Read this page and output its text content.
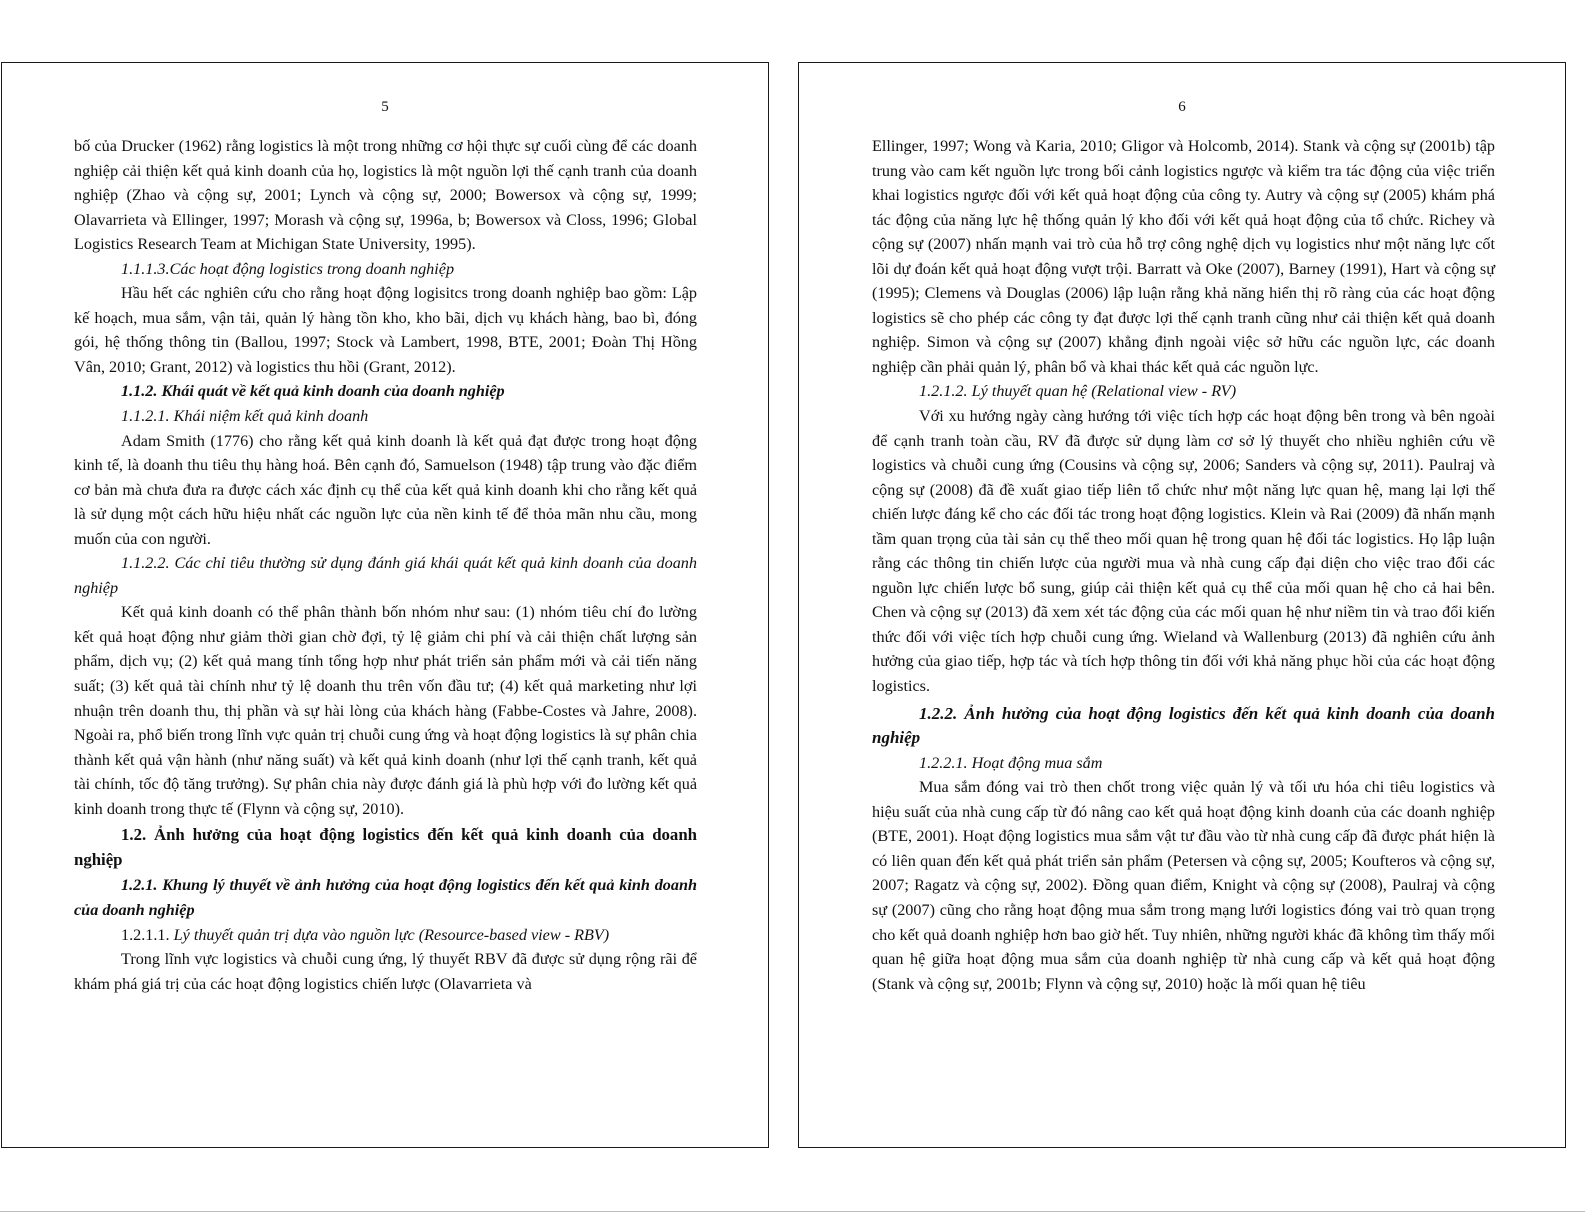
5

bố của Drucker (1962) rằng logistics là một trong những cơ hội thực sự cuối cùng để các doanh nghiệp cải thiện kết quả kinh doanh của họ, logistics là một nguồn lợi thế cạnh tranh của doanh nghiệp (Zhao và cộng sự, 2001; Lynch và cộng sự, 2000; Bowersox và cộng sự, 1999; Olavarrieta và Ellinger, 1997; Morash và cộng sự, 1996a, b; Bowersox và Closs, 1996; Global Logistics Research Team at Michigan State University, 1995).

1.1.1.3.Các hoạt động logistics trong doanh nghiệp

Hầu hết các nghiên cứu cho rằng hoạt động logisitcs trong doanh nghiệp bao gồm: Lập kế hoạch, mua sắm, vận tải, quản lý hàng tồn kho, kho bãi, dịch vụ khách hàng, bao bì, đóng gói, hệ thống thông tin (Ballou, 1997; Stock và Lambert, 1998, BTE, 2001; Đoàn Thị Hồng Vân, 2010; Grant, 2012) và logistics thu hồi (Grant, 2012).

1.1.2. Khái quát về kết quả kinh doanh của doanh nghiệp

1.1.2.1. Khái niệm kết quả kinh doanh

Adam Smith (1776) cho rằng kết quả kinh doanh là kết quả đạt được trong hoạt động kinh tế, là doanh thu tiêu thụ hàng hoá. Bên cạnh đó, Samuelson (1948) tập trung vào đặc điểm cơ bản mà chưa đưa ra được cách xác định cụ thể của kết quả kinh doanh khi cho rằng kết quả là sử dụng một cách hữu hiệu nhất các nguồn lực của nền kinh tế để thỏa mãn nhu cầu, mong muốn của con người.

1.1.2.2. Các chỉ tiêu thường sử dụng đánh giá khái quát kết quả kinh doanh của doanh nghiệp

Kết quả kinh doanh có thể phân thành bốn nhóm như sau: (1) nhóm tiêu chí đo lường kết quả hoạt động như giảm thời gian chờ đợi, tỷ lệ giảm chi phí và cải thiện chất lượng sản phẩm, dịch vụ; (2) kết quả mang tính tổng hợp như phát triển sản phẩm mới và cải tiến năng suất; (3) kết quả tài chính như tỷ lệ doanh thu trên vốn đầu tư; (4) kết quả marketing như lợi nhuận trên doanh thu, thị phần và sự hài lòng của khách hàng (Fabbe-Costes và Jahre, 2008). Ngoài ra, phổ biến trong lĩnh vực quản trị chuỗi cung ứng và hoạt động logistics là sự phân chia thành kết quả vận hành (như năng suất) và kết quả kinh doanh (như lợi thế cạnh tranh, kết quả tài chính, tốc độ tăng trưởng). Sự phân chia này được đánh giá là phù hợp với đo lường kết quả kinh doanh trong thực tế (Flynn và cộng sự, 2010).

1.2. Ảnh hưởng của hoạt động logistics đến kết quả kinh doanh của doanh nghiệp

1.2.1. Khung lý thuyết về ảnh hưởng của hoạt động logistics đến kết quả kinh doanh của doanh nghiệp

1.2.1.1. Lý thuyết quản trị dựa vào nguồn lực (Resource-based view - RBV)

Trong lĩnh vực logistics và chuỗi cung ứng, lý thuyết RBV đã được sử dụng rộng rãi để khám phá giá trị của các hoạt động logistics chiến lược (Olavarrieta và

6

Ellinger, 1997; Wong và Karia, 2010; Gligor và Holcomb, 2014). Stank và cộng sự (2001b) tập trung vào cam kết nguồn lực trong bối cảnh logistics ngược và kiểm tra tác động của việc triển khai logistics ngược đối với kết quả hoạt động của công ty. Autry và cộng sự (2005) khám phá tác động của năng lực hệ thống quản lý kho đối với kết quả hoạt động của tổ chức. Richey và cộng sự (2007) nhấn mạnh vai trò của hỗ trợ công nghệ dịch vụ logistics như một năng lực cốt lõi dự đoán kết quả hoạt động vượt trội. Barratt và Oke (2007), Barney (1991), Hart và cộng sự (1995); Clemens và Douglas (2006) lập luận rằng khả năng hiển thị rõ ràng của các hoạt động logistics sẽ cho phép các công ty đạt được lợi thế cạnh tranh cũng như cải thiện kết quả doanh nghiệp. Simon và cộng sự (2007) khẳng định ngoài việc sở hữu các nguồn lực, các doanh nghiệp cần phải quản lý, phân bổ và khai thác kết quả các nguồn lực.

1.2.1.2. Lý thuyết quan hệ (Relational view - RV)

Với xu hướng ngày càng hướng tới việc tích hợp các hoạt động bên trong và bên ngoài để cạnh tranh toàn cầu, RV đã được sử dụng làm cơ sở lý thuyết cho nhiều nghiên cứu về logistics và chuỗi cung ứng (Cousins và cộng sự, 2006; Sanders và cộng sự, 2011). Paulraj và cộng sự (2008) đã đề xuất giao tiếp liên tổ chức như một năng lực quan hệ, mang lại lợi thế chiến lược đáng kể cho các đối tác trong hoạt động logistics. Klein và Rai (2009) đã nhấn mạnh tầm quan trọng của tài sản cụ thể theo mối quan hệ trong quan hệ đối tác logistics. Họ lập luận rằng các thông tin chiến lược của người mua và nhà cung cấp đại diện cho việc trao đổi các nguồn lực chiến lược bổ sung, giúp cải thiện kết quả cụ thể của mối quan hệ cho cả hai bên. Chen và cộng sự (2013) đã xem xét tác động của các mối quan hệ như niềm tin và trao đổi kiến thức đối với việc tích hợp chuỗi cung ứng. Wieland và Wallenburg (2013) đã nghiên cứu ảnh hưởng của giao tiếp, hợp tác và tích hợp thông tin đối với khả năng phục hồi của các hoạt động logistics.

1.2.2. Ảnh hưởng của hoạt động logistics đến kết quả kinh doanh của doanh nghiệp

1.2.2.1. Hoạt động mua sắm

Mua sắm đóng vai trò then chốt trong việc quản lý và tối ưu hóa chi tiêu logistics và hiệu suất của nhà cung cấp từ đó nâng cao kết quả hoạt động kinh doanh của các doanh nghiệp (BTE, 2001). Hoạt động logistics mua sắm vật tư đầu vào từ nhà cung cấp đã được phát hiện là có liên quan đến kết quả phát triển sản phẩm (Petersen và cộng sự, 2005; Koufteros và cộng sự, 2007; Ragatz và cộng sự, 2002). Đồng quan điểm, Knight và cộng sự (2008), Paulraj và cộng sự (2007) cũng cho rằng hoạt động mua sắm trong mạng lưới logistics đóng vai trò quan trọng cho kết quả doanh nghiệp hơn bao giờ hết. Tuy nhiên, những người khác đã không tìm thấy mối quan hệ giữa hoạt động mua sắm của doanh nghiệp từ nhà cung cấp và kết quả hoạt động (Stank và cộng sự, 2001b; Flynn và cộng sự, 2010) hoặc là mối quan hệ tiêu
